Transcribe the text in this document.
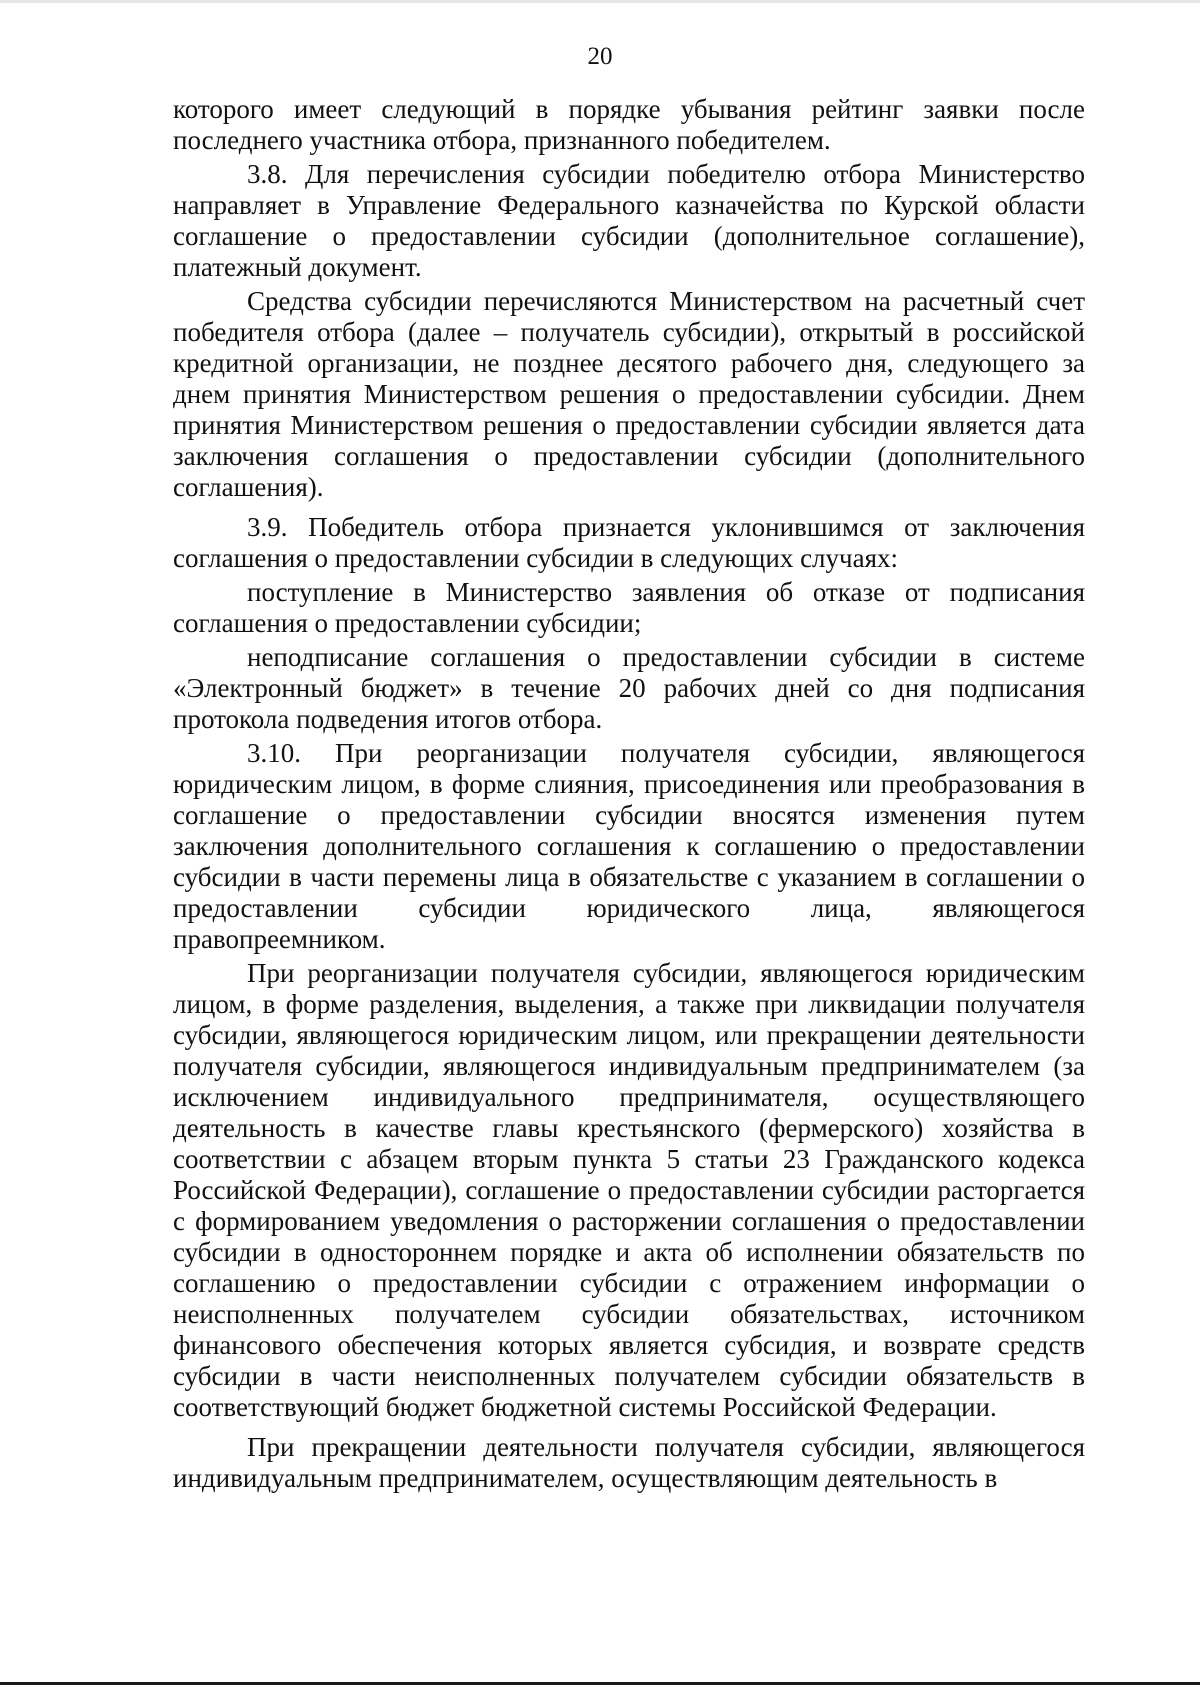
20

которого имеет следующий в порядке убывания рейтинг заявки после последнего участника отбора, признанного победителем.

3.8. Для перечисления субсидии победителю отбора Министерство направляет в Управление Федерального казначейства по Курской области соглашение о предоставлении субсидии (дополнительное соглашение), платежный документ.

Средства субсидии перечисляются Министерством на расчетный счет победителя отбора (далее – получатель субсидии), открытый в российской кредитной организации, не позднее десятого рабочего дня, следующего за днем принятия Министерством решения о предоставлении субсидии. Днем принятия Министерством решения о предоставлении субсидии является дата заключения соглашения о предоставлении субсидии (дополнительного соглашения).

3.9. Победитель отбора признается уклонившимся от заключения соглашения о предоставлении субсидии в следующих случаях:

поступление в Министерство заявления об отказе от подписания соглашения о предоставлении субсидии;

неподписание соглашения о предоставлении субсидии в системе «Электронный бюджет» в течение 20 рабочих дней со дня подписания протокола подведения итогов отбора.

3.10. При реорганизации получателя субсидии, являющегося юридическим лицом, в форме слияния, присоединения или преобразования в соглашение о предоставлении субсидии вносятся изменения путем заключения дополнительного соглашения к соглашению о предоставлении субсидии в части перемены лица в обязательстве с указанием в соглашении о предоставлении субсидии юридического лица, являющегося правопреемником.

При реорганизации получателя субсидии, являющегося юридическим лицом, в форме разделения, выделения, а также при ликвидации получателя субсидии, являющегося юридическим лицом, или прекращении деятельности получателя субсидии, являющегося индивидуальным предпринимателем (за исключением индивидуального предпринимателя, осуществляющего деятельность в качестве главы крестьянского (фермерского) хозяйства в соответствии с абзацем вторым пункта 5 статьи 23 Гражданского кодекса Российской Федерации), соглашение о предоставлении субсидии расторгается с формированием уведомления о расторжении соглашения о предоставлении субсидии в одностороннем порядке и акта об исполнении обязательств по соглашению о предоставлении субсидии с отражением информации о неисполненных получателем субсидии обязательствах, источником финансового обеспечения которых является субсидия, и возврате средств субсидии в части неисполненных получателем субсидии обязательств в соответствующий бюджет бюджетной системы Российской Федерации.

При прекращении деятельности получателя субсидии, являющегося индивидуальным предпринимателем, осуществляющим деятельность в
